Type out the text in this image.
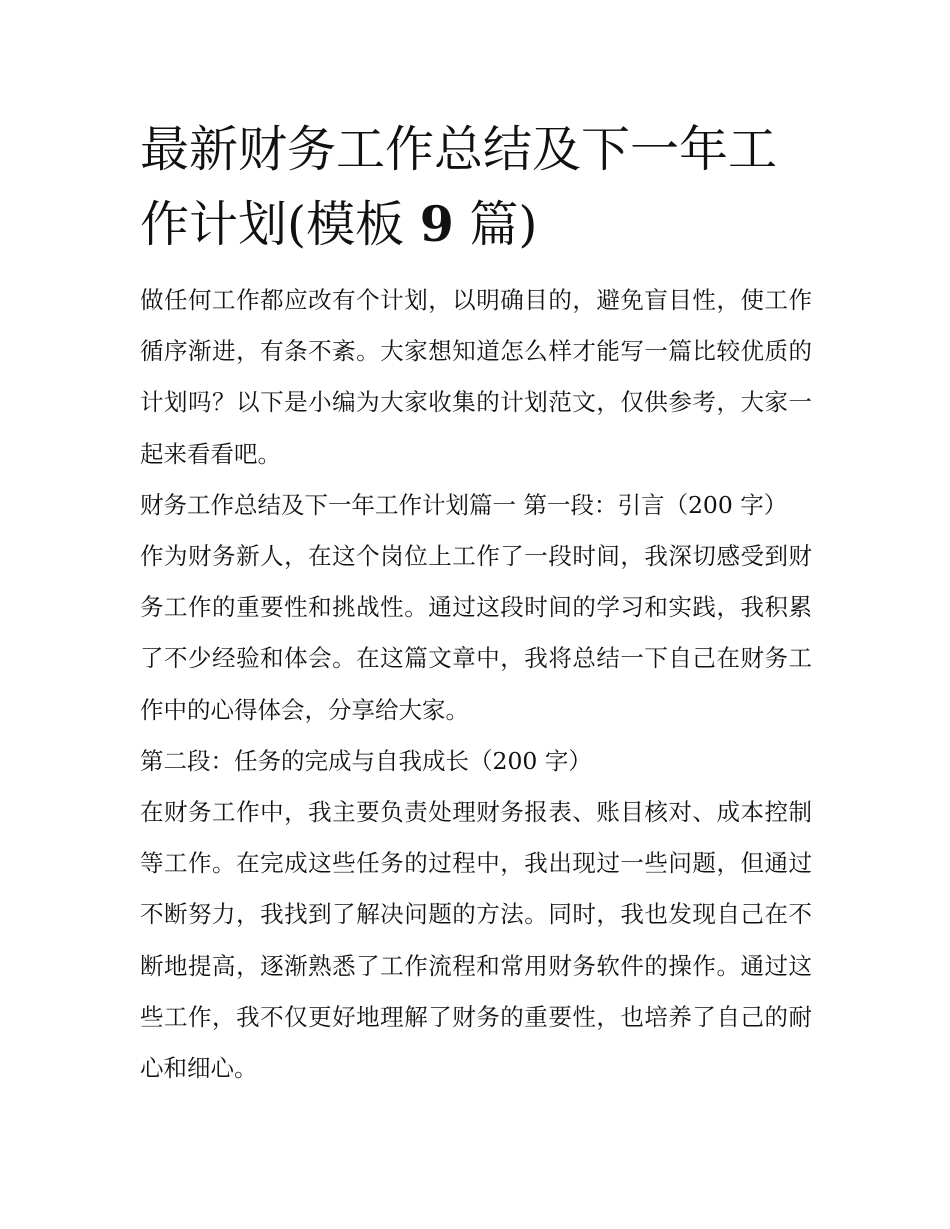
最新财务工作总结及下一年工作计划(模板 9 篇)

做任何工作都应改有个计划，以明确目的，避免盲目性，使工作循序渐进，有条不紊。大家想知道怎么样才能写一篇比较优质的计划吗？以下是小编为大家收集的计划范文，仅供参考，大家一起来看看吧。

财务工作总结及下一年工作计划篇一 第一段：引言（200 字）

作为财务新人，在这个岗位上工作了一段时间，我深切感受到财务工作的重要性和挑战性。通过这段时间的学习和实践，我积累了不少经验和体会。在这篇文章中，我将总结一下自己在财务工作中的心得体会，分享给大家。

第二段：任务的完成与自我成长（200 字）

在财务工作中，我主要负责处理财务报表、账目核对、成本控制等工作。在完成这些任务的过程中，我出现过一些问题，但通过不断努力，我找到了解决问题的方法。同时，我也发现自己在不断地提高，逐渐熟悉了工作流程和常用财务软件的操作。通过这些工作，我不仅更好地理解了财务的重要性，也培养了自己的耐心和细心。
